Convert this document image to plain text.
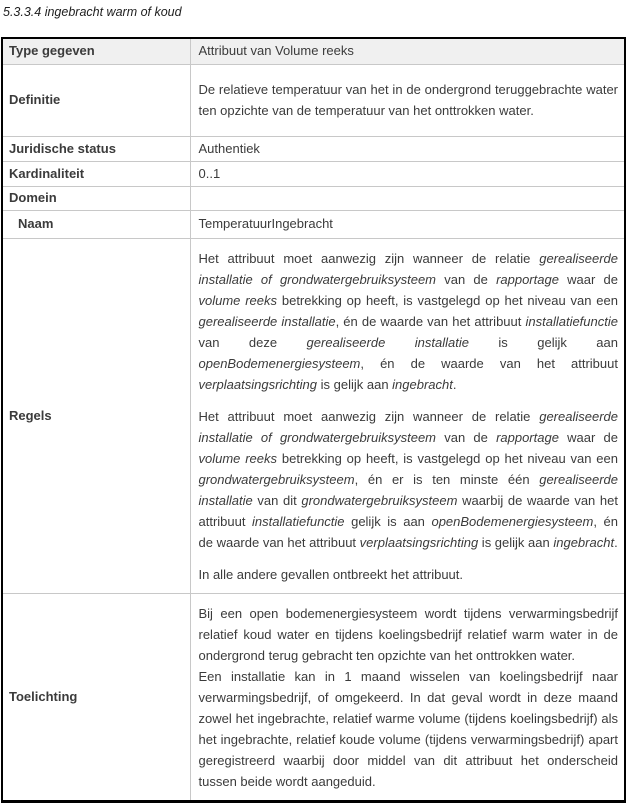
5.3.3.4 ingebracht warm of koud
Type gegeven	Attribuut van Volume reeks
Definitie	De relatieve temperatuur van het in de ondergrond teruggebrachte water ten opzichte van de temperatuur van het onttrokken water.
Juridische status	Authentiek
Kardinaliteit	0..1
Domein	
Naam	TemperatuurIngebracht
Regels	Het attribuut moet aanwezig zijn wanneer de relatie gerealiseerde installatie of grondwatergebruiksysteem van de rapportage waar de volume reeks betrekking op heeft, is vastgelegd op het niveau van een gerealiseerde installatie, én de waarde van het attribuut installatiefunctie van deze gerealiseerde installatie is gelijk aan openBodemenergiesysteem, én de waarde van het attribuut verplaatsingsrichting is gelijk aan ingebracht.

Het attribuut moet aanwezig zijn wanneer de relatie gerealiseerde installatie of grondwatergebruiksysteem van de rapportage waar de volume reeks betrekking op heeft, is vastgelegd op het niveau van een grondwatergebruiksysteem, én er is ten minste één gerealiseerde installatie van dit grondwatergebruiksysteem waarbij de waarde van het attribuut installatiefunctie gelijk is aan openBodemenergiesysteem, én de waarde van het attribuut verplaatsingsrichting is gelijk aan ingebracht.

In alle andere gevallen ontbreekt het attribuut.

Toelichting	Bij een open bodemenergiesysteem wordt tijdens verwarmingsbedrijf relatief koud water en tijdens koelingsbedrijf relatief warm water in de ondergrond terug gebracht ten opzichte van het onttrokken water.

Een installatie kan in 1 maand wisselen van koelingsbedrijf naar verwarmingsbedrijf, of omgekeerd. In dat geval wordt in deze maand zowel het ingebrachte, relatief warme volume (tijdens koelingsbedrijf) als het ingebrachte, relatief koude volume (tijdens verwarmingsbedrijf) apart geregistreerd waarbij door middel van dit attribuut het onderscheid tussen beide wordt aangeduid.
